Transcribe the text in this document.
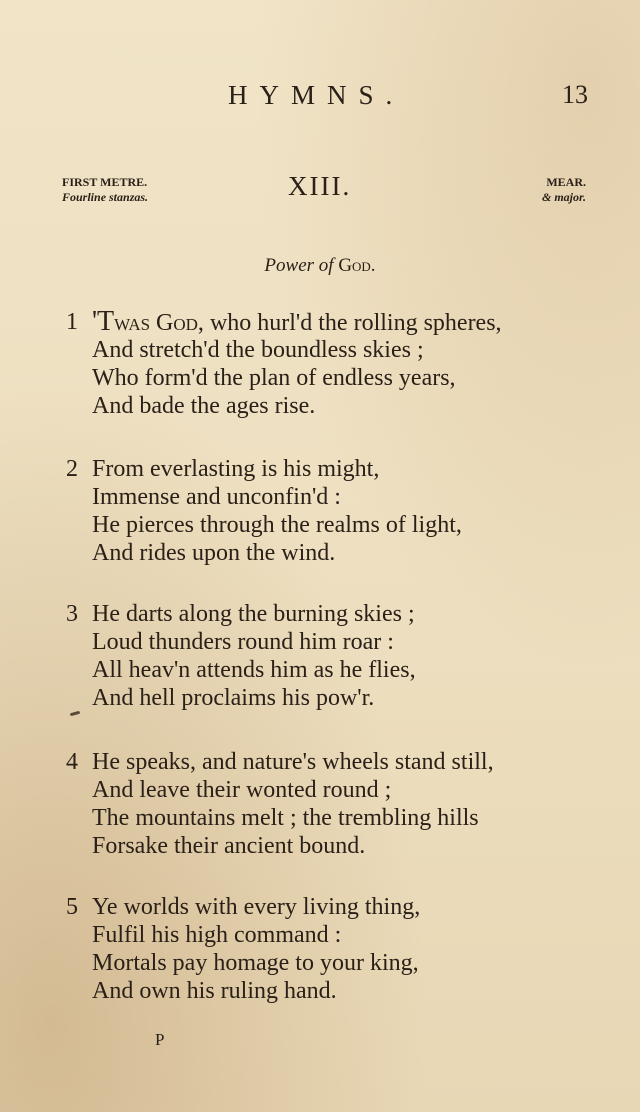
HYMNS.	13
FIRST METRE.
Fourline stanzas.	XIII.	MEAR.
& major.
Power of God.
1 'Twas God, who hurl'd the rolling spheres,
And stretch'd the boundless skies ;
Who form'd the plan of endless years,
And bade the ages rise.
2 From everlasting is his might,
Immense and unconfin'd :
He pierces through the realms of light,
And rides upon the wind.
3 He darts along the burning skies ;
Loud thunders round him roar :
All heav'n attends him as he flies,
And hell proclaims his pow'r.
4 He speaks, and nature's wheels stand still,
And leave their wonted round ;
The mountains melt ; the trembling hills
Forsake their ancient bound.
5 Ye worlds with every living thing,
Fulfil his high command :
Mortals pay homage to your king,
And own his ruling hand.
P
